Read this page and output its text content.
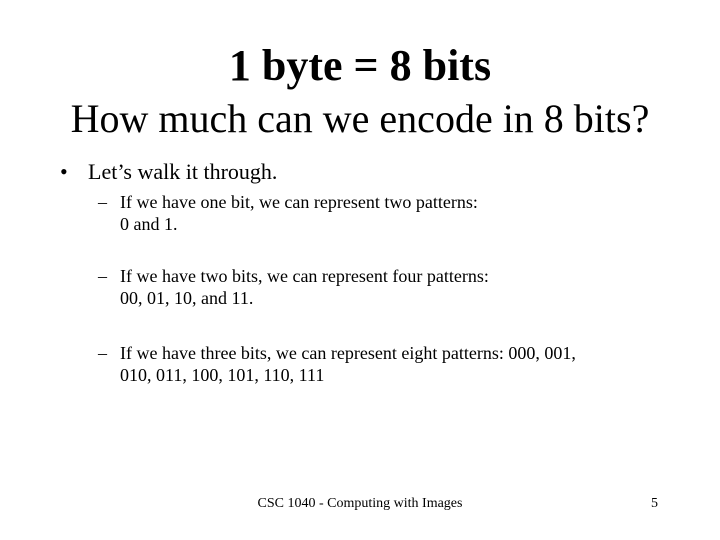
1 byte = 8 bits
How much can we encode in 8 bits?
• Let’s walk it through.
– If we have one bit, we can represent two patterns:
0 and 1.
– If we have two bits, we can represent four patterns:
00, 01, 10, and 11.
– If we have three bits, we can represent eight patterns: 000, 001,
010, 011, 100, 101, 110, 111
CSC 1040 - Computing with Images	5
